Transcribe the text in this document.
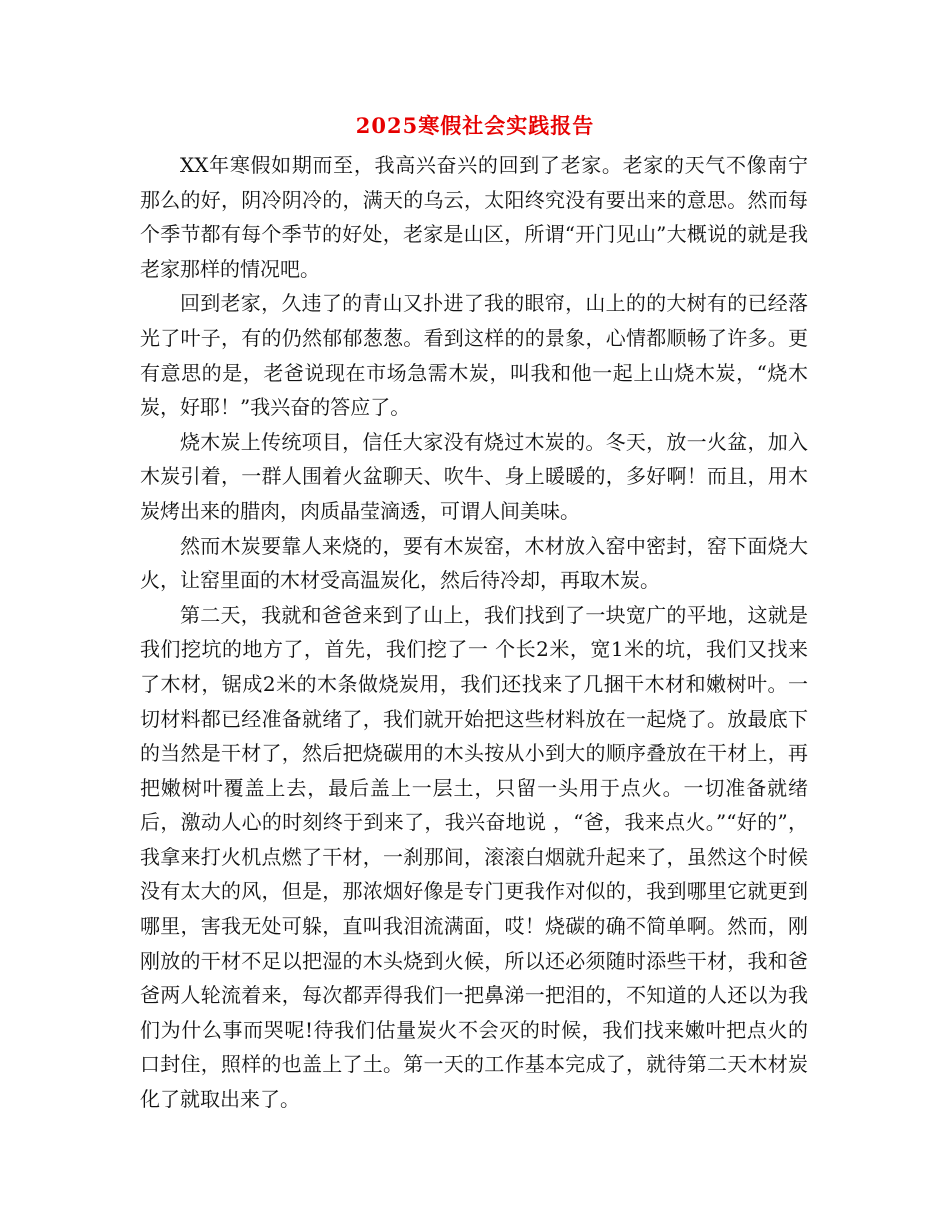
2025寒假社会实践报告

XX年寒假如期而至，我高兴奋兴的回到了老家。老家的天气不像南宁那么的好，阴冷阴冷的，满天的乌云，太阳终究没有要出来的意思。然而每个季节都有每个季节的好处，老家是山区，所谓“开门见山”大概说的就是我老家那样的情况吧。

回到老家，久违了的青山又扑进了我的眼帘，山上的的大树有的已经落光了叶子，有的仍然郁郁葱葱。看到这样的的景象，心情都顺畅了许多。更有意思的是，老爸说现在市场急需木炭，叫我和他一起上山烧木炭，“烧木炭，好耶！”我兴奋的答应了。

烧木炭上传统项目，信任大家没有烧过木炭的。冬天，放一火盆，加入木炭引着，一群人围着火盆聊天、吹牛、身上暖暖的，多好啊！而且，用木炭烤出来的腊肉，肉质晶莹滴透，可谓人间美味。

然而木炭要靠人来烧的，要有木炭窑，木材放入窑中密封，窑下面烧大火，让窑里面的木材受高温炭化，然后待冷却，再取木炭。

第二天，我就和爸爸来到了山上，我们找到了一块宽广的平地，这就是我们挖坑的地方了，首先，我们挖了一 个长2米，宽1米的坑，我们又找来了木材，锯成2米的木条做烧炭用，我们还找来了几捆干木材和嫩树叶。一切材料都已经准备就绪了，我们就开始把这些材料放在一起烧了。放最底下的当然是干材了，然后把烧碳用的木头按从小到大的顺序叠放在干材上，再把嫩树叶覆盖上去，最后盖上一层土，只留一头用于点火。一切准备就绪后，激动人心的时刻终于到来了，我兴奋地说 ，“爸，我来点火。”“好的”，我拿来打火机点燃了干材，一刹那间，滚滚白烟就升起来了，虽然这个时候没有太大的风，但是，那浓烟好像是专门更我作对似的，我到哪里它就更到哪里，害我无处可躲，直叫我泪流满面，哎！烧碳的确不简单啊。然而，刚刚放的干材不足以把湿的木头烧到火候，所以还必须随时添些干材，我和爸爸两人轮流着来，每次都弄得我们一把鼻涕一把泪的，不知道的人还以为我们为什么事而哭呢!待我们估量炭火不会灭的时候，我们找来嫩叶把点火的口封住，照样的也盖上了土。第一天的工作基本完成了，就待第二天木材炭化了就取出来了。
